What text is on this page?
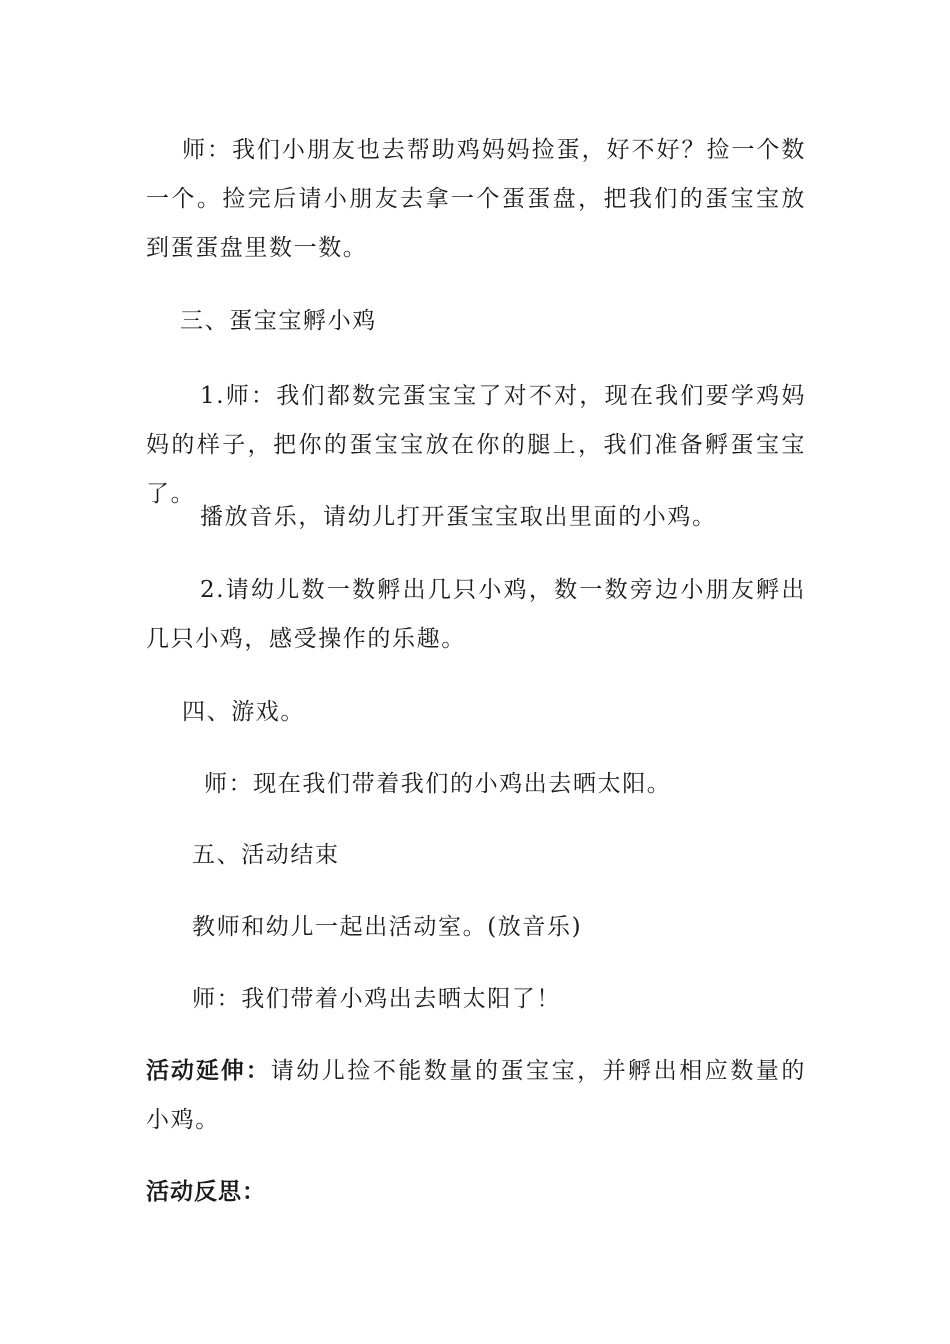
师：我们小朋友也去帮助鸡妈妈捡蛋，好不好？捡一个数一个。捡完后请小朋友去拿一个蛋蛋盘，把我们的蛋宝宝放到蛋蛋盘里数一数。

三、蛋宝宝孵小鸡

1.师：我们都数完蛋宝宝了对不对，现在我们要学鸡妈妈的样子，把你的蛋宝宝放在你的腿上，我们准备孵蛋宝宝了。

播放音乐，请幼儿打开蛋宝宝取出里面的小鸡。

2.请幼儿数一数孵出几只小鸡，数一数旁边小朋友孵出几只小鸡，感受操作的乐趣。

四、游戏。

师：现在我们带着我们的小鸡出去晒太阳。

五、活动结束

教师和幼儿一起出活动室。(放音乐)

师：我们带着小鸡出去晒太阳了！

活动延伸：请幼儿捡不能数量的蛋宝宝，并孵出相应数量的小鸡。

活动反思：
